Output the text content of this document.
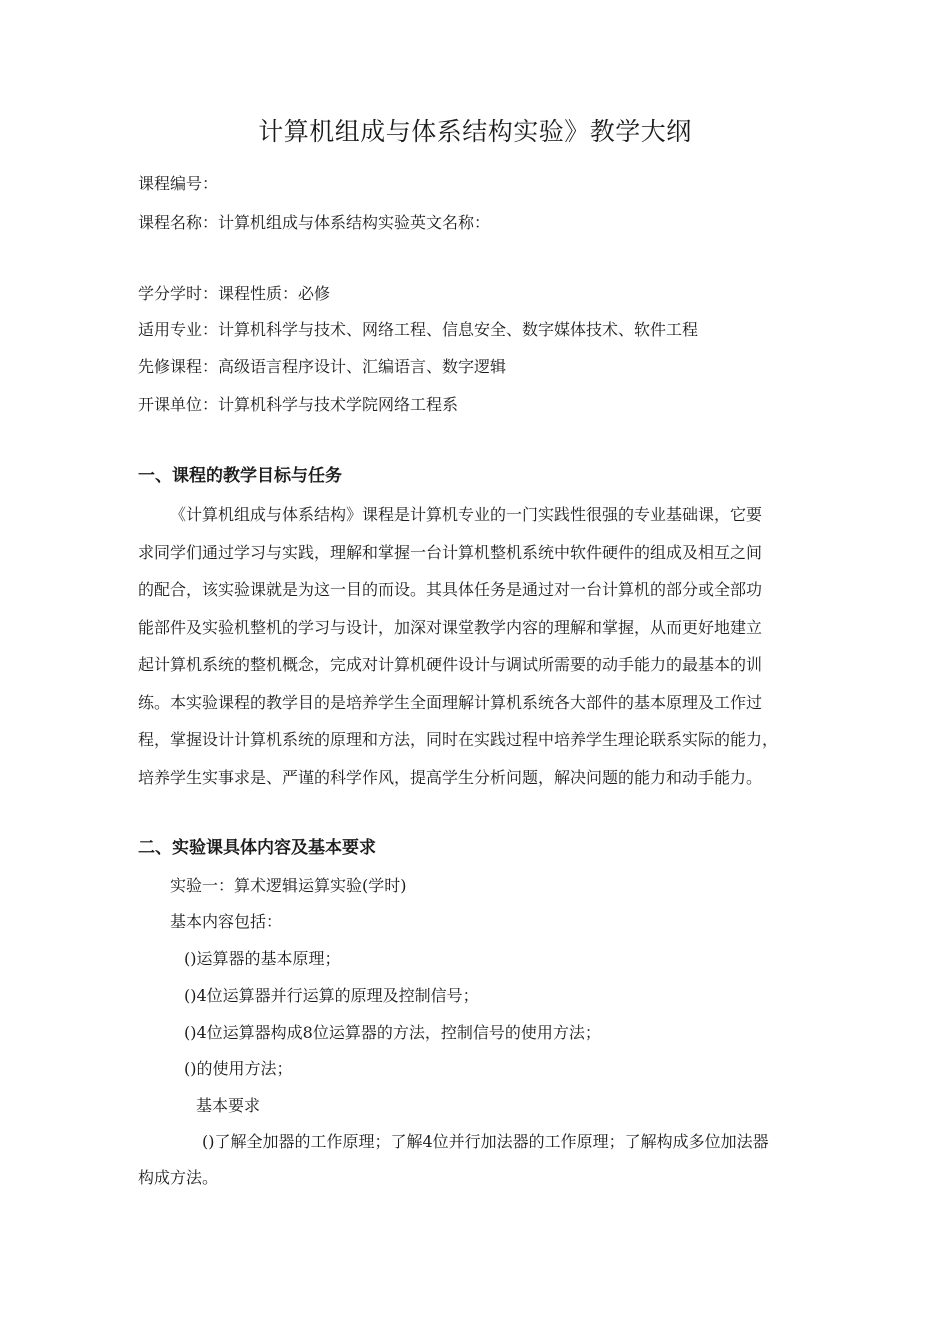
计算机组成与体系结构实验》教学大纲
课程编号：
课程名称：计算机组成与体系结构实验英文名称：
学分学时：课程性质：必修
适用专业：计算机科学与技术、网络工程、信息安全、数字媒体技术、软件工程
先修课程：高级语言程序设计、汇编语言、数字逻辑
开课单位：计算机科学与技术学院网络工程系
一、课程的教学目标与任务
《计算机组成与体系结构》课程是计算机专业的一门实践性很强的专业基础课，它要
求同学们通过学习与实践，理解和掌握一台计算机整机系统中软件硬件的组成及相互之间
的配合，该实验课就是为这一目的而设。其具体任务是通过对一台计算机的部分或全部功
能部件及实验机整机的学习与设计，加深对课堂教学内容的理解和掌握，从而更好地建立
起计算机系统的整机概念，完成对计算机硬件设计与调试所需要的动手能力的最基本的训
练。本实验课程的教学目的是培养学生全面理解计算机系统各大部件的基本原理及工作过
程，掌握设计计算机系统的原理和方法，同时在实践过程中培养学生理论联系实际的能力，
培养学生实事求是、严谨的科学作风，提高学生分析问题，解决问题的能力和动手能力。
二、实验课具体内容及基本要求
实验一：算术逻辑运算实验(学时)
基本内容包括：
()运算器的基本原理；
()4位运算器并行运算的原理及控制信号；
()4位运算器构成8位运算器的方法，控制信号的使用方法；
()的使用方法；
基本要求
()了解全加器的工作原理；了解4位并行加法器的工作原理；了解构成多位加法器
构成方法。
